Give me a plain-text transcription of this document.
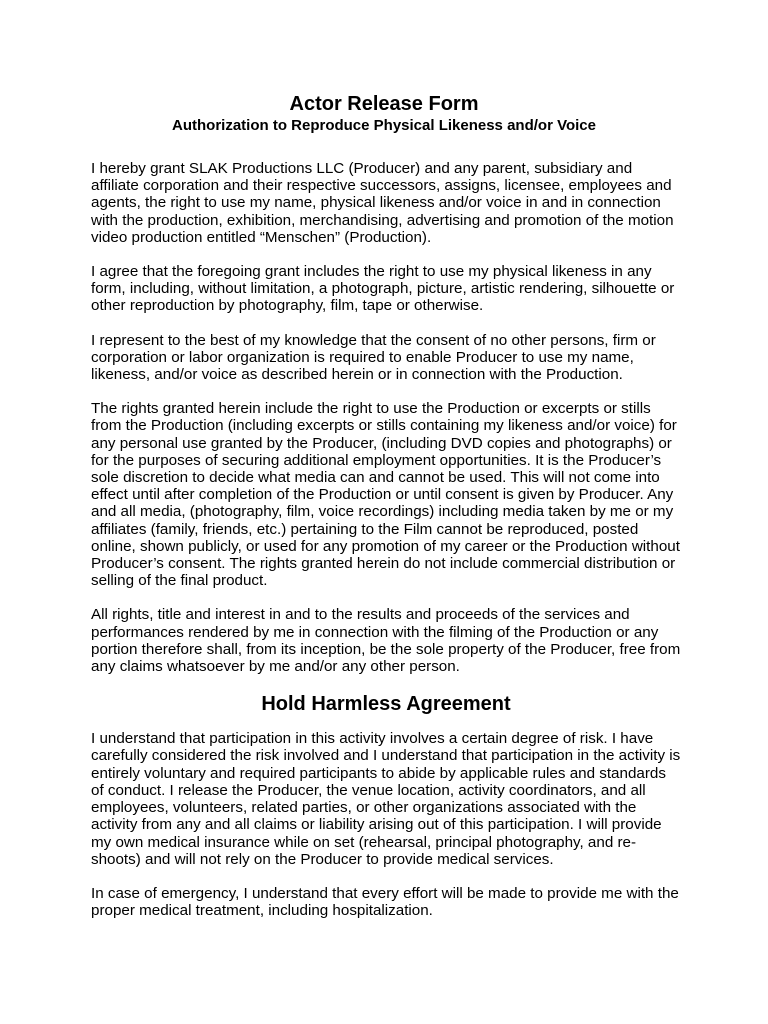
Actor Release Form
Authorization to Reproduce Physical Likeness and/or Voice

I hereby grant SLAK Productions LLC (Producer) and any parent, subsidiary and affiliate corporation and their respective successors, assigns, licensee, employees and agents, the right to use my name, physical likeness and/or voice in and in connection with the production, exhibition, merchandising, advertising and promotion of the motion video production entitled “Menschen” (Production).

I agree that the foregoing grant includes the right to use my physical likeness in any form, including, without limitation, a photograph, picture, artistic rendering, silhouette or other reproduction by photography, film, tape or otherwise.

I represent to the best of my knowledge that the consent of no other persons, firm or corporation or labor organization is required to enable Producer to use my name, likeness, and/or voice as described herein or in connection with the Production.

The rights granted herein include the right to use the Production or excerpts or stills from the Production (including excerpts or stills containing my likeness and/or voice) for any personal use granted by the Producer, (including DVD copies and photographs) or for the purposes of securing additional employment opportunities. It is the Producer’s sole discretion to decide what media can and cannot be used. This will not come into effect until after completion of the Production or until consent is given by Producer. Any and all media, (photography, film, voice recordings) including media taken by me or my affiliates (family, friends, etc.) pertaining to the Film cannot be reproduced, posted online, shown publicly, or used for any promotion of my career or the Production without Producer’s consent. The rights granted herein do not include commercial distribution or selling of the final product.

All rights, title and interest in and to the results and proceeds of the services and performances rendered by me in connection with the filming of the Production or any portion therefore shall, from its inception, be the sole property of the Producer, free from any claims whatsoever by me and/or any other person.

Hold Harmless Agreement

I understand that participation in this activity involves a certain degree of risk. I have carefully considered the risk involved and I understand that participation in the activity is entirely voluntary and required participants to abide by applicable rules and standards of conduct. I release the Producer, the venue location, activity coordinators, and all employees, volunteers, related parties, or other organizations associated with the activity from any and all claims or liability arising out of this participation. I will provide my own medical insurance while on set (rehearsal, principal photography, and re-shoots) and will not rely on the Producer to provide medical services.

In case of emergency, I understand that every effort will be made to provide me with the proper medical treatment, including hospitalization.
